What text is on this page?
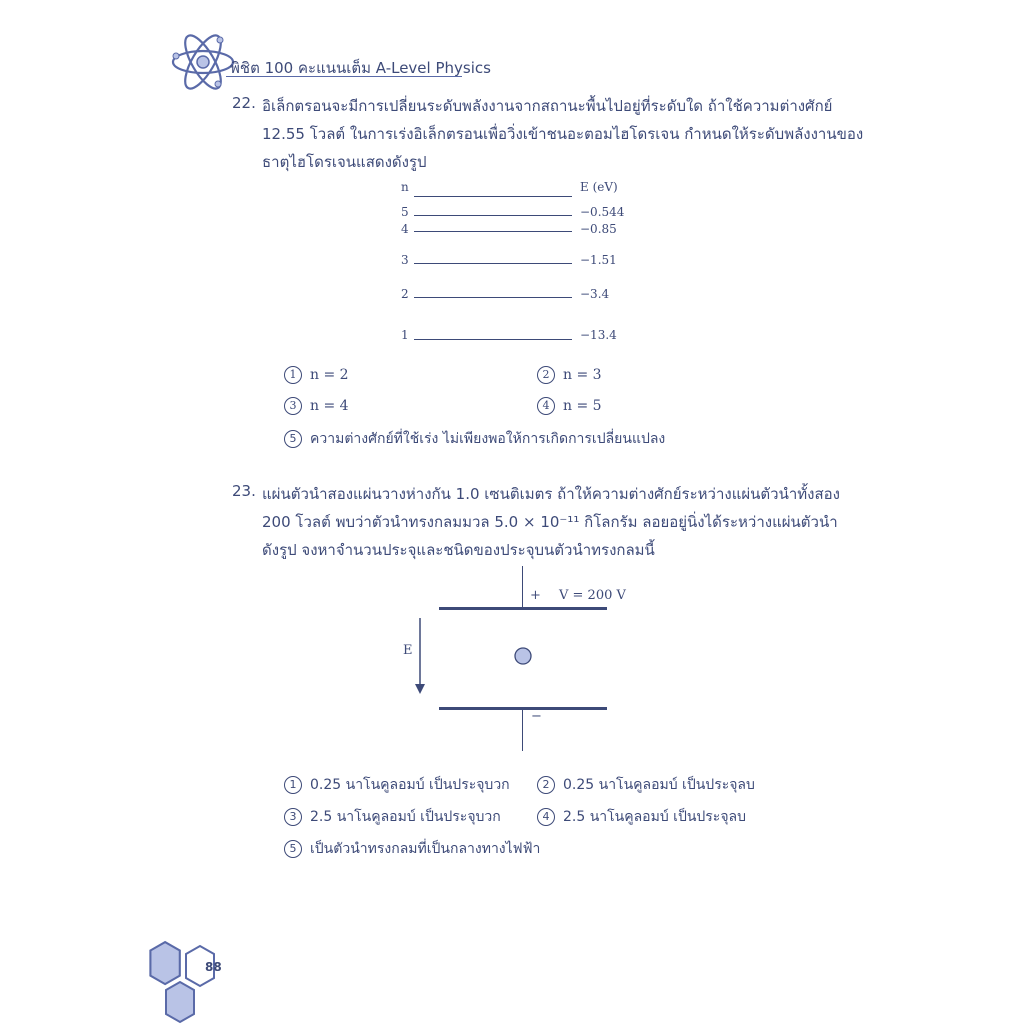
พิชิต 100 คะแนนเต็ม A-Level Physics
22. อิเล็กตรอนจะมีการเปลี่ยนระดับพลังงานจากสถานะพื้นไปอยู่ที่ระดับใด ถ้าใช้ความต่างศักย์
12.55 โวลต์ ในการเร่งอิเล็กตรอนเพื่อวิ่งเข้าชนอะตอมไฮโดรเจน กำหนดให้ระดับพลังงานของ
ธาตุไฮโดรเจนแสดงดังรูป
n	E (eV)
5	−0.544
4	−0.85
3	−1.51
2	−3.4
1	−13.4
1 n = 2	2 n = 3
3 n = 4	4 n = 5
5 ความต่างศักย์ที่ใช้เร่ง ไม่เพียงพอให้การเกิดการเปลี่ยนแปลง
23. แผ่นตัวนำสองแผ่นวางห่างกัน 1.0 เซนติเมตร ถ้าให้ความต่างศักย์ระหว่างแผ่นตัวนำทั้งสอง
200 โวลต์ พบว่าตัวนำทรงกลมมวล 5.0 × 10⁻¹¹ กิโลกรัม ลอยอยู่นิ่งได้ระหว่างแผ่นตัวนำ
ดังรูป จงหาจำนวนประจุและชนิดของประจุบนตัวนำทรงกลมนี้
+ V = 200 V
E
−
1 0.25 นาโนคูลอมบ์ เป็นประจุบวก	2 0.25 นาโนคูลอมบ์ เป็นประจุลบ
3 2.5 นาโนคูลอมบ์ เป็นประจุบวก	4 2.5 นาโนคูลอมบ์ เป็นประจุลบ
5 เป็นตัวนำทรงกลมที่เป็นกลางทางไฟฟ้า
88
